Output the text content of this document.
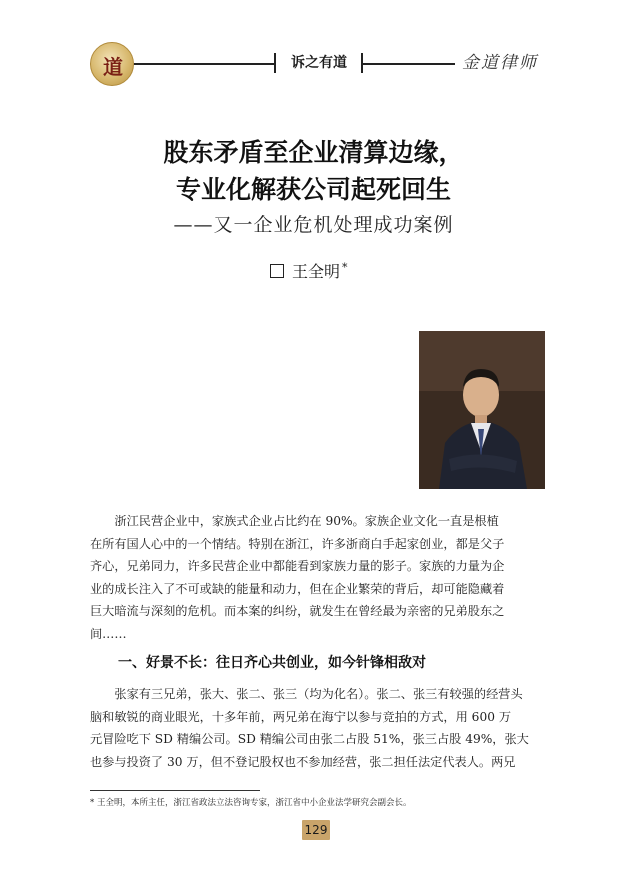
道	诉之有道	金道律师
股东矛盾至企业清算边缘，
专业化解获公司起死回生
——又一企业危机处理成功案例
王全明 *
浙江民营企业中，家族式企业占比约在 90%。家族企业文化一直是根植
在所有国人心中的一个情结。特别在浙江，许多浙商白手起家创业，都是父子
齐心，兄弟同力，许多民营企业中都能看到家族力量的影子。家族的力量为企
业的成长注入了不可或缺的能量和动力，但在企业繁荣的背后，却可能隐藏着
巨大暗流与深刻的危机。而本案的纠纷，就发生在曾经最为亲密的兄弟股东之
间……
一、好景不长：往日齐心共创业，如今针锋相敌对
张家有三兄弟，张大、张二、张三（均为化名）。张二、张三有较强的经营头
脑和敏锐的商业眼光，十多年前，两兄弟在海宁以参与竞拍的方式，用 600 万
元冒险吃下 SD 精编公司。SD 精编公司由张二占股 51%，张三占股 49%，张大
也参与投资了 30 万，但不登记股权也不参加经营，张二担任法定代表人。两兄
* 王全明，本所主任，浙江省政法立法咨询专家，浙江省中小企业法学研究会副会长。
129
